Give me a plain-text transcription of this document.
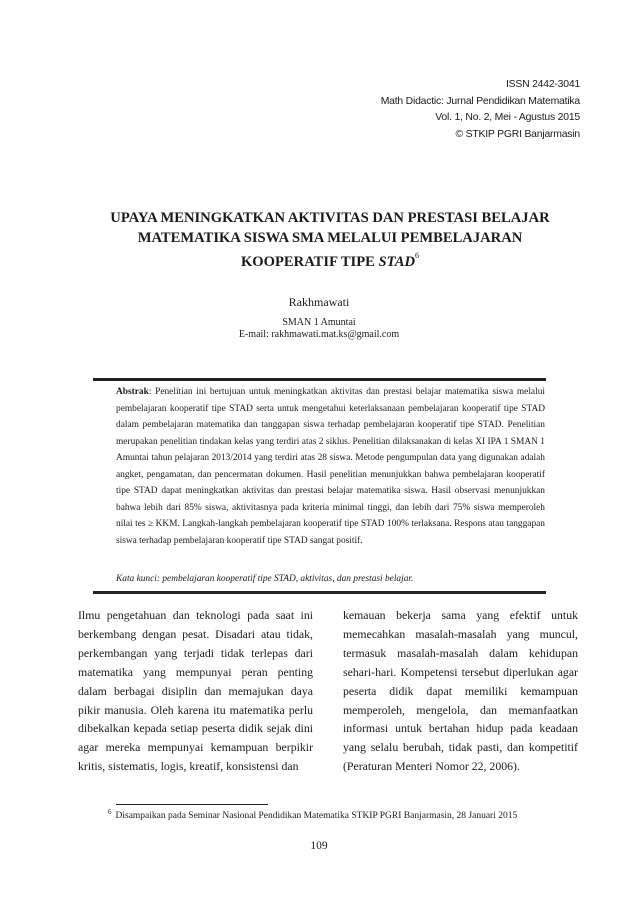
ISSN 2442-3041
Math Didactic: Jurnal Pendidikan Matematika
Vol. 1, No. 2, Mei - Agustus 2015
© STKIP PGRI Banjarmasin
UPAYA MENINGKATKAN AKTIVITAS DAN PRESTASI BELAJAR
MATEMATIKA SISWA SMA MELALUI PEMBELAJARAN
KOOPERATIF TIPE STAD$^6$
Rakhmawati
SMAN 1 Amuntai
E-mail: rakhmawati.mat.ks@gmail.com
Abstrak: Penelitian ini bertujuan untuk meningkatkan aktivitas dan prestasi belajar matematika siswa melalui pembelajaran kooperatif tipe STAD serta untuk mengetahui keterlaksanaan pembelajaran kooperatif tipe STAD dalam pembelajaran matematika dan tanggapan siswa terhadap pembelajaran kooperatif tipe STAD. Penelitian merupakan penelitian tindakan kelas yang terdiri atas 2 siklus. Penelitian dilaksanakan di kelas XI IPA 1 SMAN 1 Amuntai tahun pelajaran 2013/2014 yang terdiri atas 28 siswa. Metode pengumpulan data yang digunakan adalah angket, pengamatan, dan pencermatan dokumen. Hasil penelitian menunjukkan bahwa pembelajaran kooperatif tipe STAD dapat meningkatkan aktivitas dan prestasi belajar matematika siswa. Hasil observasi menunjukkan bahwa lebih dari 85% siswa, aktivitasnya pada kriteria minimal tinggi, dan lebih dari 75% siswa memperoleh nilai tes ≥ KKM. Langkah-langkah pembelajaran kooperatif tipe STAD 100% terlaksana. Respons atau tanggapan siswa terhadap pembelajaran kooperatif tipe STAD sangat positif.
Kata kunci: pembelajaran kooperatif tipe STAD, aktivitas, dan prestasi belajar.
Ilmu pengetahuan dan teknologi pada saat ini berkembang dengan pesat. Disadari atau tidak, perkembangan yang terjadi tidak terlepas dari matematika yang mempunyai peran penting dalam berbagai disiplin dan memajukan daya pikir manusia. Oleh karena itu matematika perlu dibekalkan kepada setiap peserta didik sejak dini agar mereka mempunyai kemampuan berpikir kritis, sistematis, logis, kreatif, konsistensi dan
kemauan bekerja sama yang efektif untuk memecahkan masalah-masalah yang muncul, termasuk masalah-masalah dalam kehidupan sehari-hari. Kompetensi tersebut diperlukan agar peserta didik dapat memiliki kemampuan memperoleh, mengelola, dan memanfaatkan informasi untuk bertahan hidup pada keadaan yang selalu berubah, tidak pasti, dan kompetitif (Peraturan Menteri Nomor 22, 2006).
$^6$ Disampaikan pada Seminar Nasional Pendidikan Matematika STKIP PGRI Banjarmasin, 28 Januari 2015
109
